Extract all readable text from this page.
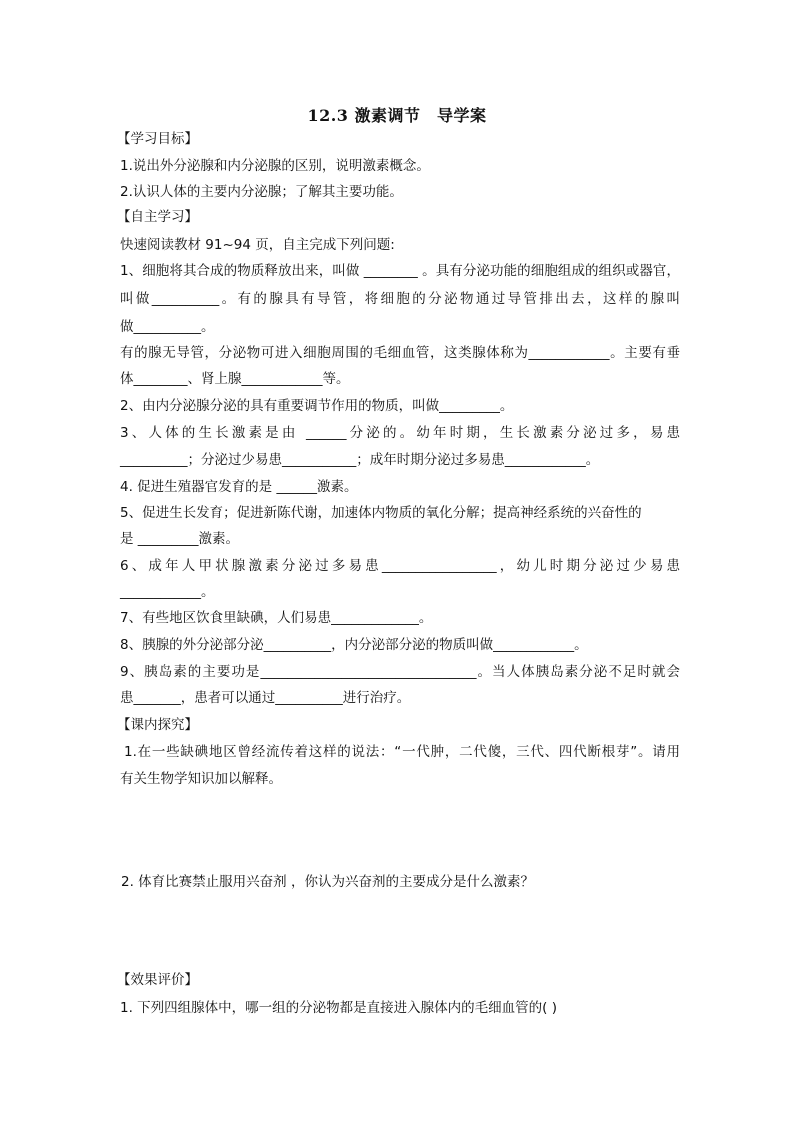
12.3 激素调节　导学案
【学习目标】
1.说出外分泌腺和内分泌腺的区别，说明激素概念。
2.认识人体的主要内分泌腺；了解其主要功能。
【自主学习】
快速阅读教材 91~94 页，自主完成下列问题:
1、细胞将其合成的物质释放出来，叫做 ________ 。具有分泌功能的细胞组成的组织或器官，
叫做__________。有的腺具有导管，将细胞的分泌物通过导管排出去，这样的腺叫
做__________。
有的腺无导管，分泌物可进入细胞周围的毛细血管，这类腺体称为____________。主要有垂
体________、肾上腺____________等。
2、由内分泌腺分泌的具有重要调节作用的物质，叫做_________。
3、人体的生长激素是由 ______分泌的。幼年时期，生长激素分泌过多，易患
__________；分泌过少易患___________；成年时期分泌过多易患____________。
4. 促进生殖器官发育的是 ______激素。
5、促进生长发育；促进新陈代谢，加速体内物质的氧化分解；提高神经系统的兴奋性的
是 _________激素。
6、成年人甲状腺激素分泌过多易患_________________，幼儿时期分泌过少易患
____________。
7、有些地区饮食里缺碘，人们易患_____________。
8、胰腺的外分泌部分泌__________，内分泌部分泌的物质叫做____________。
9、胰岛素的主要功是________________________________。当人体胰岛素分泌不足时就会
患_______，患者可以通过__________进行治疗。
【课内探究】
1.在一些缺碘地区曾经流传着这样的说法：“一代肿，二代傻，三代、四代断根芽”。请用
有关生物学知识加以解释。
2. 体育比赛禁止服用兴奋剂 ，你认为兴奋剂的主要成分是什么激素？
【效果评价】
1. 下列四组腺体中，哪一组的分泌物都是直接进入腺体内的毛细血管的( )
